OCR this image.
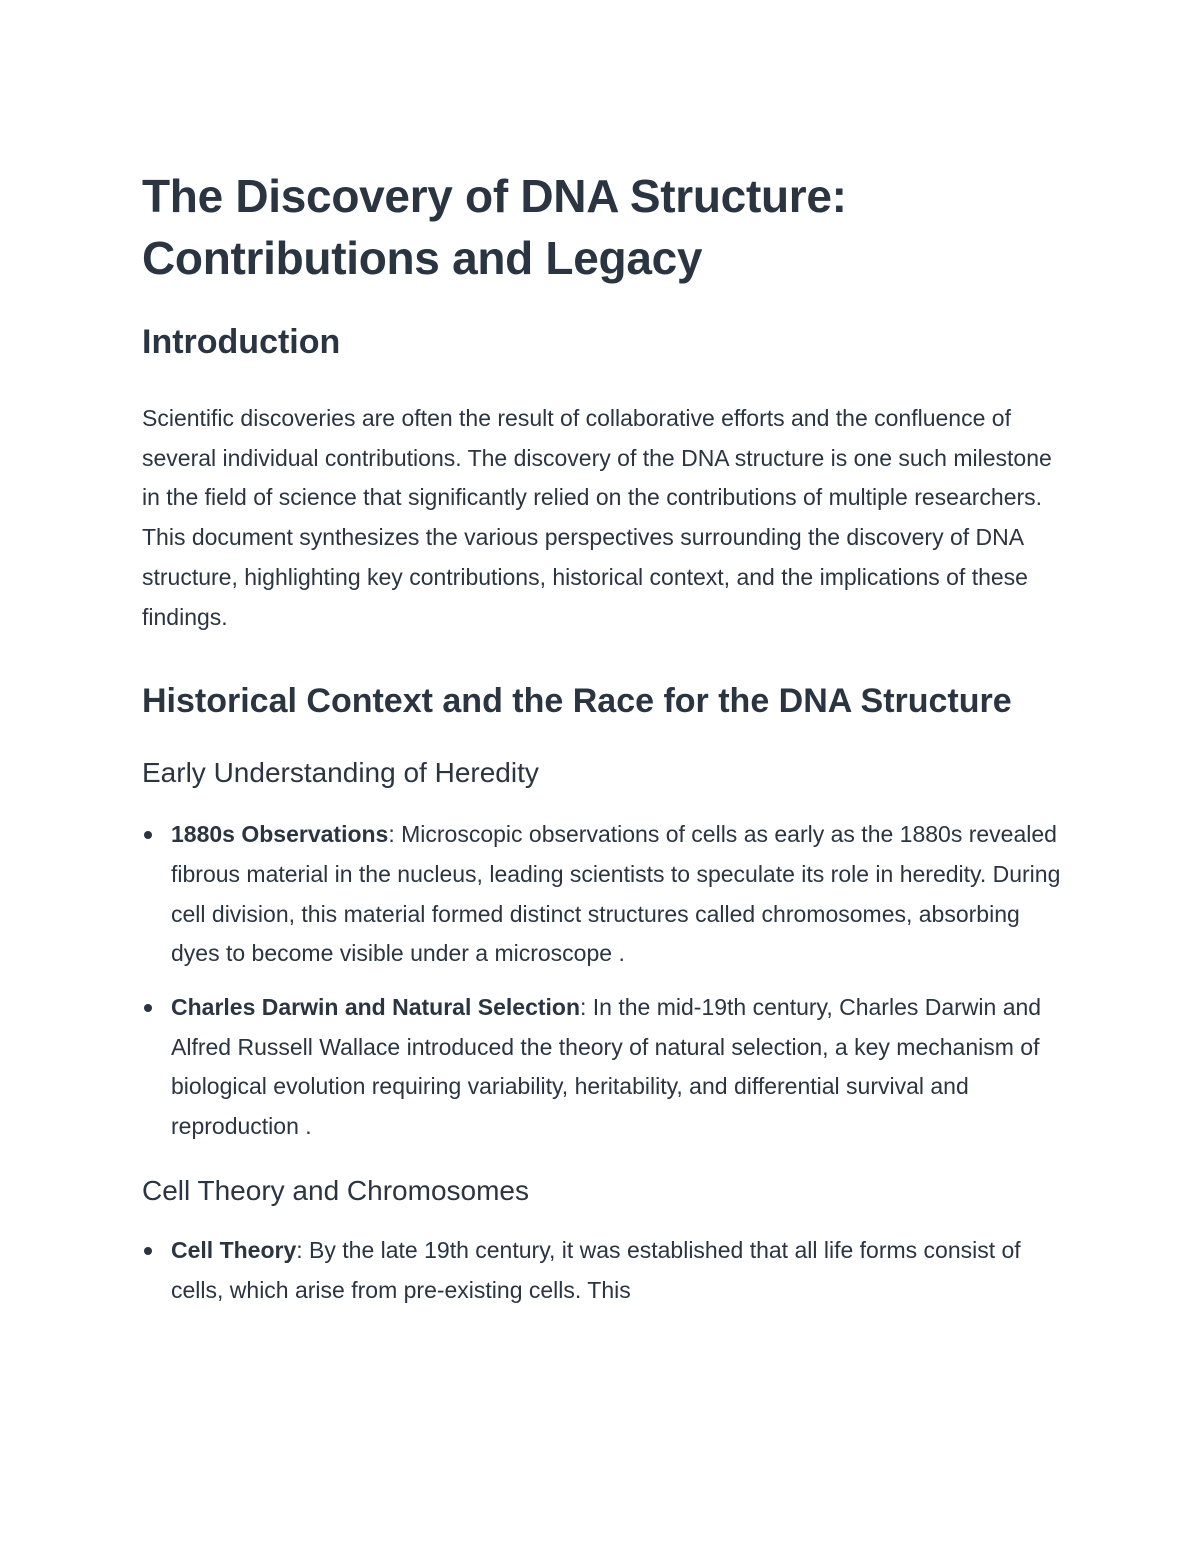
The Discovery of DNA Structure: Contributions and Legacy
Introduction

Scientific discoveries are often the result of collaborative efforts and the confluence of several individual contributions. The discovery of the DNA structure is one such milestone in the field of science that significantly relied on the contributions of multiple researchers. This document synthesizes the various perspectives surrounding the discovery of DNA structure, highlighting key contributions, historical context, and the implications of these findings.

Historical Context and the Race for the DNA Structure
Early Understanding of Heredity
1880s Observations: Microscopic observations of cells as early as the 1880s revealed fibrous material in the nucleus, leading scientists to speculate its role in heredity. During cell division, this material formed distinct structures called chromosomes, absorbing dyes to become visible under a microscope .
Charles Darwin and Natural Selection: In the mid-19th century, Charles Darwin and Alfred Russell Wallace introduced the theory of natural selection, a key mechanism of biological evolution requiring variability, heritability, and differential survival and reproduction .
Cell Theory and Chromosomes
Cell Theory: By the late 19th century, it was established that all life forms consist of cells, which arise from pre-existing cells. This
